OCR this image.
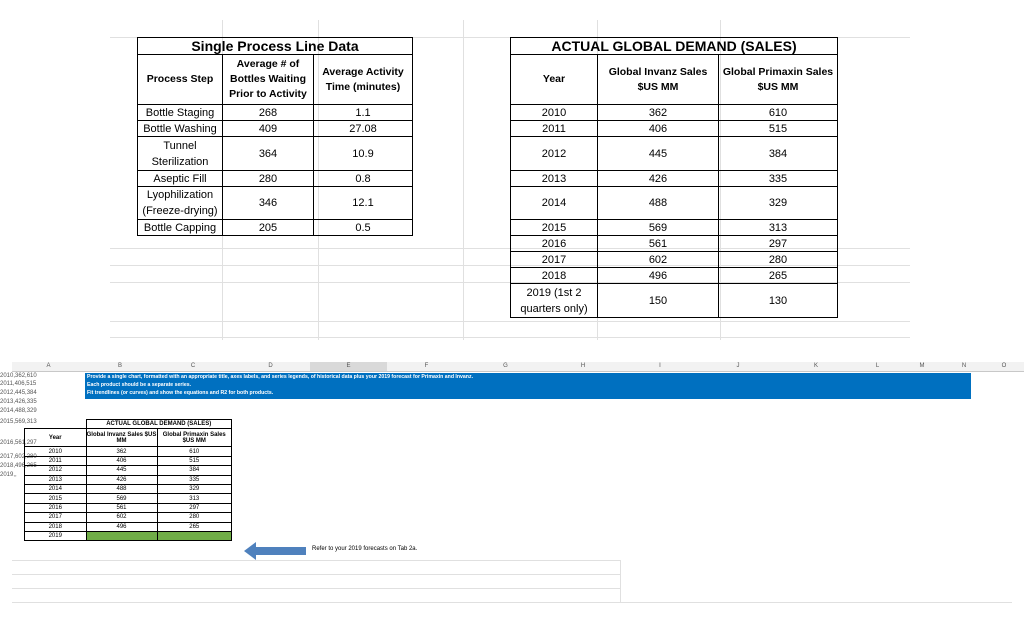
Single Process Line Data		
Process Step	Average # of Bottles Waiting Prior to Activity	Average Activity Time (minutes)
Bottle Staging	268	1.1
Bottle Washing	409	27.08
Tunnel Sterilization	364	10.9
Aseptic Fill	280	0.8
Lyophilization (Freeze-drying)	346	12.1
Bottle Capping	205	0.5
ACTUAL GLOBAL DEMAND (SALES)		
Year	Global Invanz Sales $US MM	Global Primaxin Sales $US MM
2010	362	610
2011	406	515
2012	445	384
2013	426	335
2014	488	329
2015	569	313
2016	561	297
2017	602	280
2018	496	265
2019 (1st 2 quarters only)	150	130
A	B	C	D	E	F	G	H	I	J	K	L	M	N	O
2010,362,610
2011,406,515
2012,445,384
2013,426,335
2014,488,329
2015,569,313
2016,561,297
2017,602,280
2018,496,265
2019,,
Provide a single chart, formatted with an appropriate title, axes labels, and series legends, of historical data plus your 2019 forecast for Primaxin and Invanz.
Each product should be a separate series.
Fit trendlines (or curves) and show the equations and R2 for both products.
	ACTUAL GLOBAL DEMAND (SALES)	
Year	Global Invanz Sales $US MM	Global Primaxin Sales $US MM
2010	362	610
2011	406	515
2012	445	384
2013	426	335
2014	488	329
2015	569	313
2016	561	297
2017	602	280
2018	496	265
2019		
Refer to your 2019 forecasts on Tab 2a.
